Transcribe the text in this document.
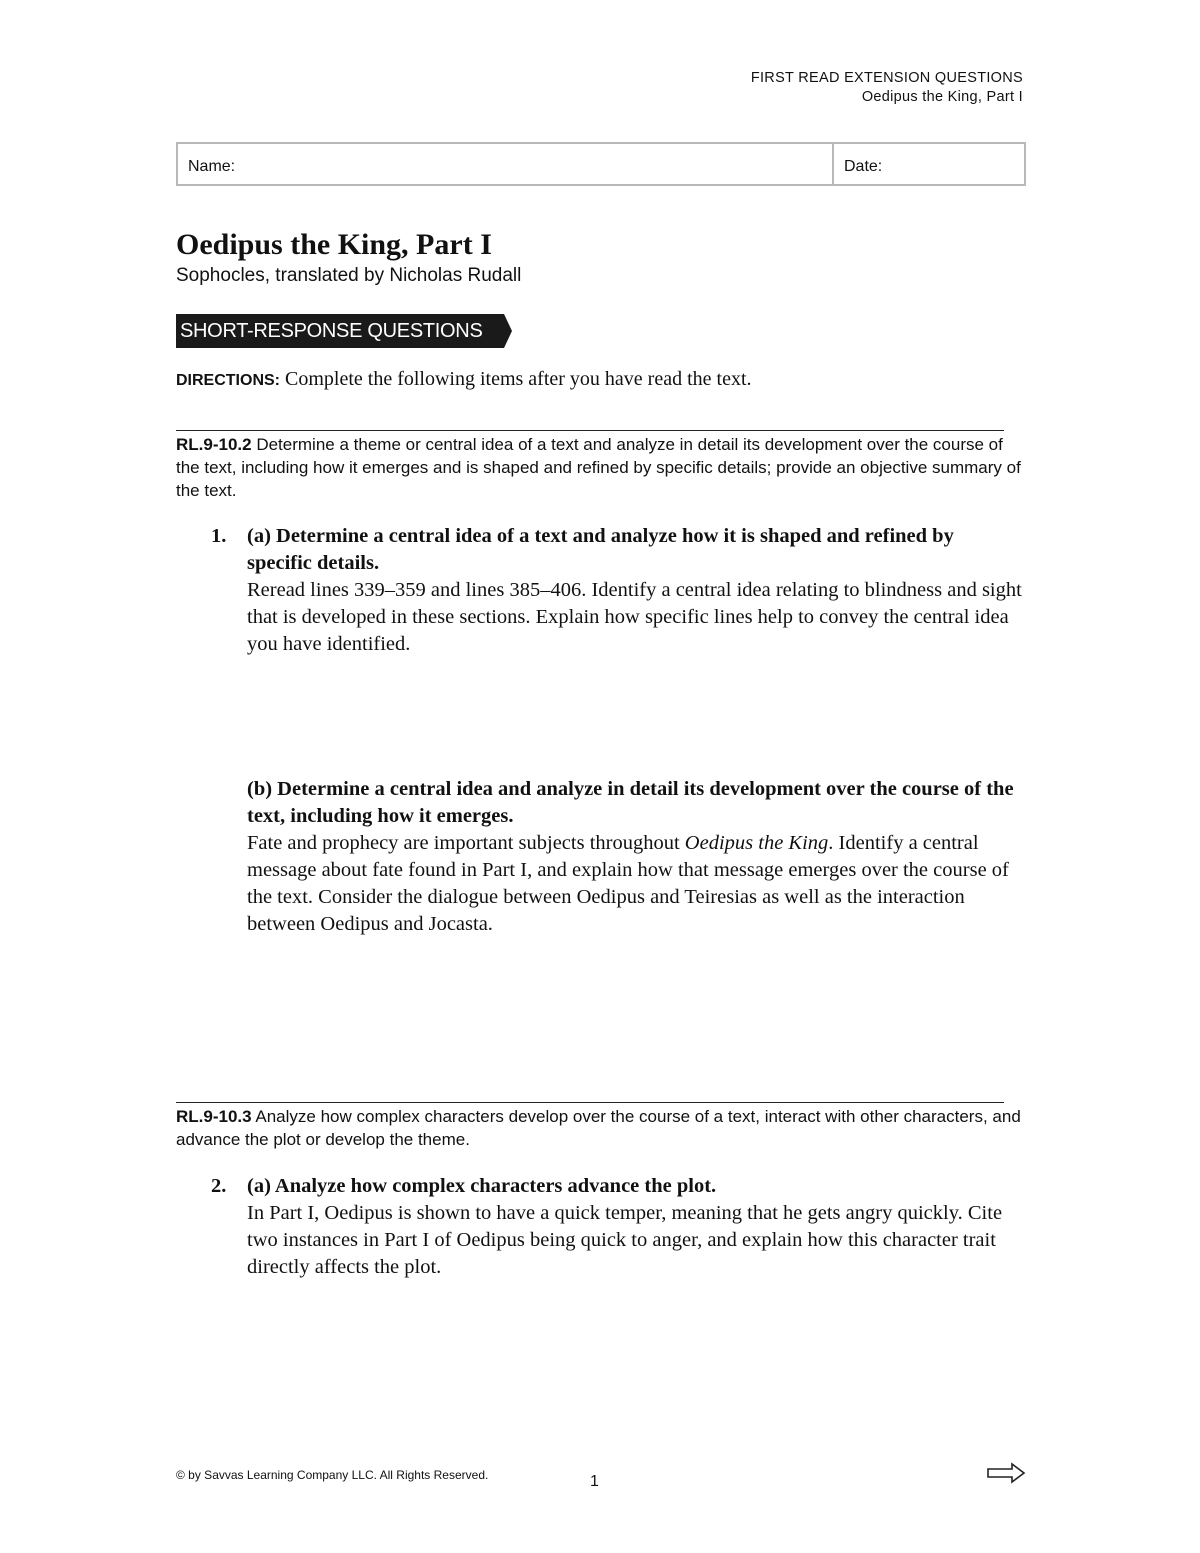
FIRST READ EXTENSION QUESTIONS
Oedipus the King, Part I
Name:	Date:
Oedipus the King, Part I
Sophocles, translated by Nicholas Rudall
SHORT-RESPONSE QUESTIONS
DIRECTIONS: Complete the following items after you have read the text.
RL.9-10.2 Determine a theme or central idea of a text and analyze in detail its development over the course of the text, including how it emerges and is shaped and refined by specific details; provide an objective summary of the text.
1. (a) Determine a central idea of a text and analyze how it is shaped and refined by specific details.
Reread lines 339–359 and lines 385–406. Identify a central idea relating to blindness and sight that is developed in these sections. Explain how specific lines help to convey the central idea you have identified.
(b) Determine a central idea and analyze in detail its development over the course of the text, including how it emerges.
Fate and prophecy are important subjects throughout Oedipus the King. Identify a central message about fate found in Part I, and explain how that message emerges over the course of the text. Consider the dialogue between Oedipus and Teiresias as well as the interaction between Oedipus and Jocasta.
RL.9-10.3 Analyze how complex characters develop over the course of a text, interact with other characters, and advance the plot or develop the theme.
2. (a) Analyze how complex characters advance the plot.
In Part I, Oedipus is shown to have a quick temper, meaning that he gets angry quickly. Cite two instances in Part I of Oedipus being quick to anger, and explain how this character trait directly affects the plot.
© by Savvas Learning Company LLC. All Rights Reserved.	1
